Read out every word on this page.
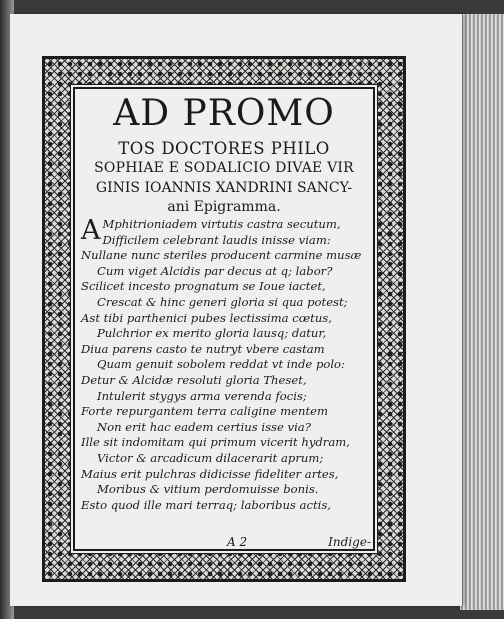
AD PROMO
TOS DOCTORES PHILO
SOPHIAE E SODALICIO DIVAE VIR
GINIS IOANNIS XANDRINI SANCY-
ani Epigramma.
A Mphitrioniadem virtutis castra secutum,
Difficilem celebrant laudis inisse viam:
Nullane nunc steriles producent carmine musæ
Cum viget Alcidis par decus at q; labor?
Scilicet incesto prognatum se Ioue iactet,
Crescat & hinc generi gloria si qua potest;
Ast tibi parthenici pubes lectissima cœtus,
Pulchrior ex merito gloria lausq; datur,
Diua parens casto te nutryt vbere castam
Quam genuit sobolem reddat vt inde polo:
Detur & Alcidæ resoluti gloria Theset,
Intulerit stygys arma verenda focis;
Forte repurgantem terra caligine mentem
Non erit hac eadem certius isse via?
Ille sit indomitam qui primum vicerit hydram,
Victor & arcadicum dilacerarit aprum;
Maius erit pulchras didicisse fideliter artes,
Moribus & vitium perdomuisse bonis.
Esto quod ille mari terraq; laboribus actis,
A 2	Indige-
